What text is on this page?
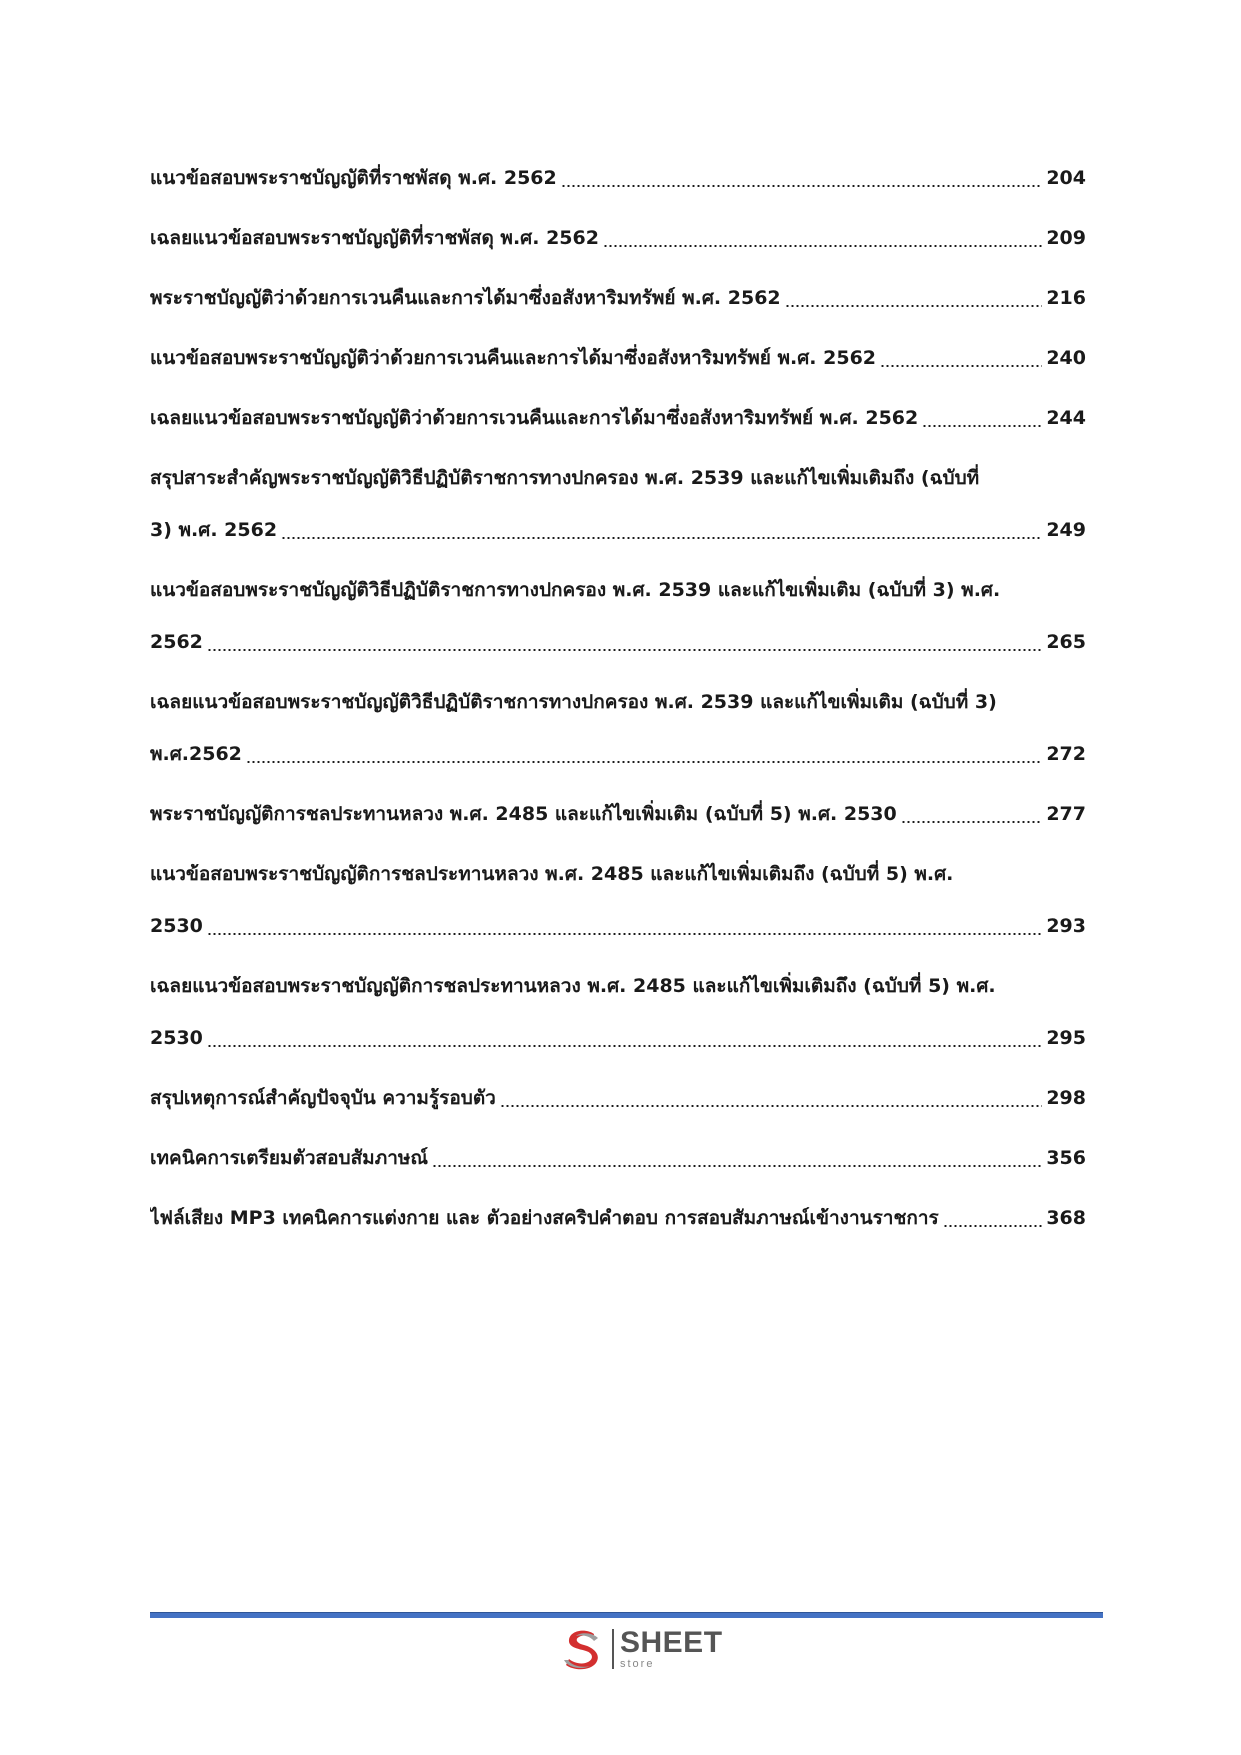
แนวข้อสอบพระราชบัญญัติที่ราชพัสดุ พ.ศ. 2562	204
เฉลยแนวข้อสอบพระราชบัญญัติที่ราชพัสดุ พ.ศ. 2562	209
พระราชบัญญัติว่าด้วยการเวนคืนและการได้มาซึ่งอสังหาริมทรัพย์ พ.ศ. 2562	216
แนวข้อสอบพระราชบัญญัติว่าด้วยการเวนคืนและการได้มาซึ่งอสังหาริมทรัพย์ พ.ศ. 2562	240
เฉลยแนวข้อสอบพระราชบัญญัติว่าด้วยการเวนคืนและการได้มาซึ่งอสังหาริมทรัพย์ พ.ศ. 2562	244
สรุปสาระสำคัญพระราชบัญญัติวิธีปฏิบัติราชการทางปกครอง พ.ศ. 2539 และแก้ไขเพิ่มเติมถึง (ฉบับที่
3) พ.ศ. 2562	249
แนวข้อสอบพระราชบัญญัติวิธีปฏิบัติราชการทางปกครอง พ.ศ. 2539 และแก้ไขเพิ่มเติม (ฉบับที่ 3) พ.ศ.
2562	265
เฉลยแนวข้อสอบพระราชบัญญัติวิธีปฏิบัติราชการทางปกครอง พ.ศ. 2539 และแก้ไขเพิ่มเติม (ฉบับที่ 3)
พ.ศ.2562	272
พระราชบัญญัติการชลประทานหลวง พ.ศ. 2485 และแก้ไขเพิ่มเติม (ฉบับที่ 5) พ.ศ. 2530	277
แนวข้อสอบพระราชบัญญัติการชลประทานหลวง พ.ศ. 2485 และแก้ไขเพิ่มเติมถึง (ฉบับที่ 5) พ.ศ.
2530	293
เฉลยแนวข้อสอบพระราชบัญญัติการชลประทานหลวง พ.ศ. 2485 และแก้ไขเพิ่มเติมถึง (ฉบับที่ 5) พ.ศ.
2530	295
สรุปเหตุการณ์สำคัญปัจจุบัน ความรู้รอบตัว	298
เทคนิคการเตรียมตัวสอบสัมภาษณ์	356
ไฟล์เสียง MP3 เทคนิคการแต่งกาย และ ตัวอย่างสคริปคำตอบ การสอบสัมภาษณ์เข้างานราชการ	368
SHEET
store
